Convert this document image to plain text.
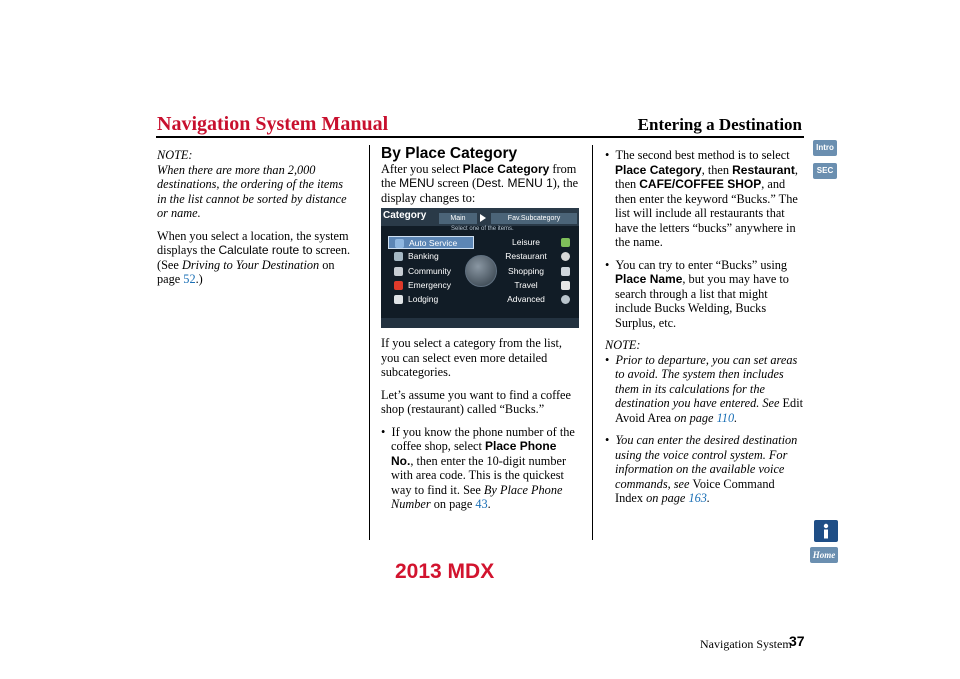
Navigation System Manual	Entering a Destination
Intro
SEC
NOTE:
When there are more than 2,000 destinations, the ordering of the items in the list cannot be sorted by distance or name.
When you select a location, the system displays the Calculate route to screen. (See Driving to Your Destination on page 52.)
By Place Category
After you select Place Category from the MENU screen (Dest. MENU 1), the display changes to:
Category	Main	Fav.Subcategory
Select one of the items.
Auto Service
Banking
Community
Emergency
Lodging
Leisure
Restaurant
Shopping
Travel
Advanced
If you select a category from the list, you can select even more detailed subcategories.
Let’s assume you want to find a coffee shop (restaurant) called “Bucks.”
•  If you know the phone number of the coffee shop, select Place Phone No., then enter the 10-digit number with area code. This is the quickest way to find it. See By Place Phone Number on page 43.
•  The second best method is to select Place Category, then Restaurant, then CAFE/COFFEE SHOP, and then enter the keyword “Bucks.” The list will include all restaurants that have the letters “bucks” anywhere in the name.
•  You can try to enter “Bucks” using Place Name, but you may have to search through a list that might include Bucks Welding, Bucks Surplus, etc.
NOTE:
•  Prior to departure, you can set areas to avoid. The system then includes them in its calculations for the destination you have entered. See Edit Avoid Area on page 110.
•  You can enter the desired destination using the voice control system. For information on the available voice commands, see Voice Command Index on page 163.
Home
Navigation System
37
2013 MDX
